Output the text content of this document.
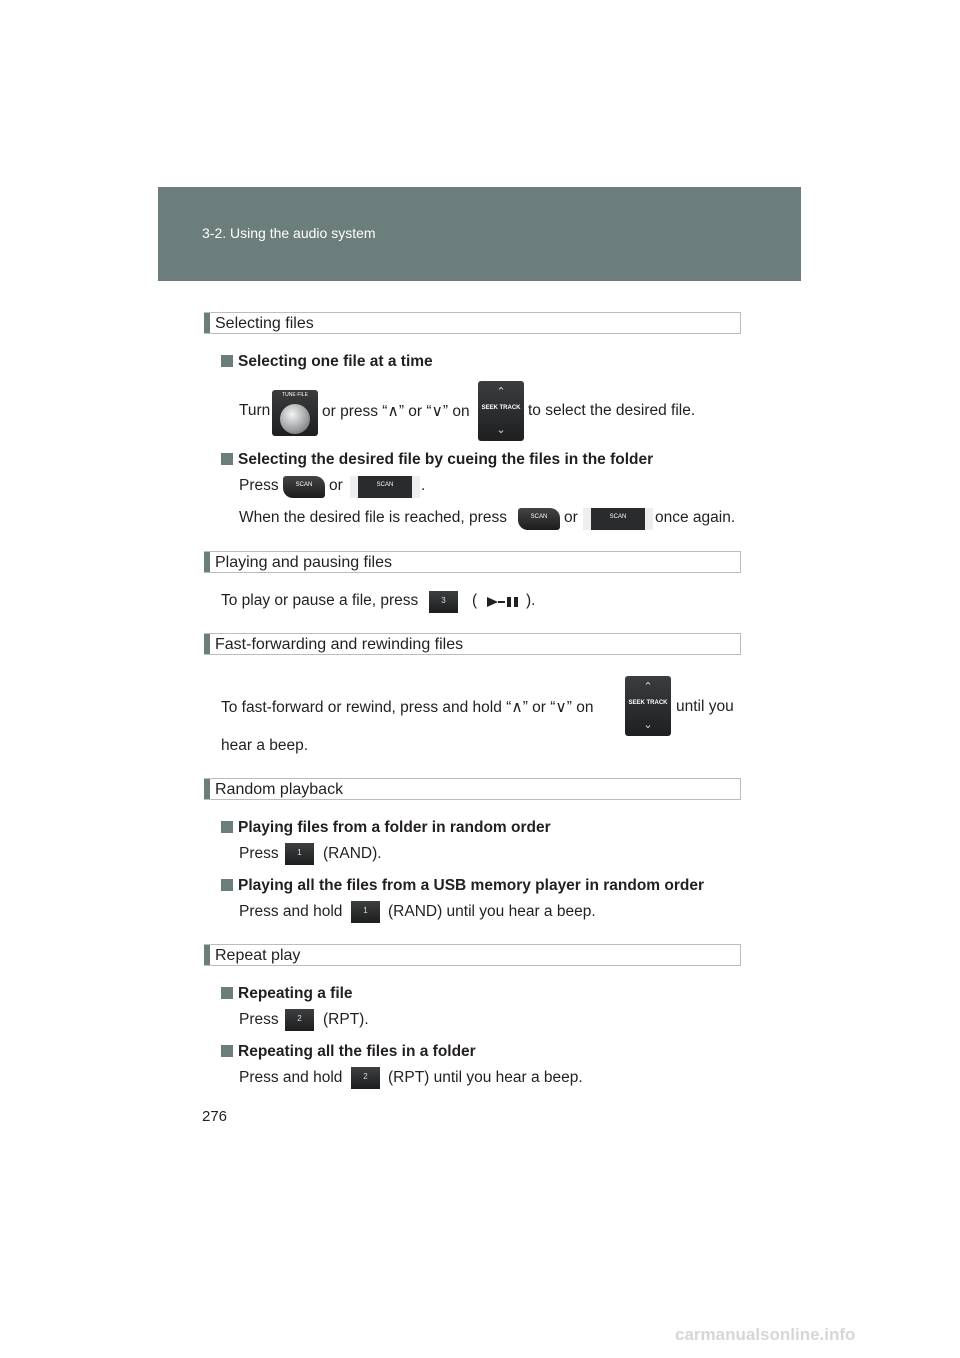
3-2. Using the audio system
Selecting files
Selecting one file at a time
Turn
TUNE·FILE
or press “∧” or “∨” on
⌃
SEEK TRACK
⌄
to select the desired file.
Selecting the desired file by cueing the files in the folder
Press	SCAN	or	SCAN	.
When the desired file is reached, press	SCAN	or	SCAN	once again.
Playing and pausing files
To play or pause a file, press	3	(	).
Fast-forwarding and rewinding files
To fast-forward or rewind, press and hold “∧” or “∨” on
⌃
SEEK TRACK
⌄
until you
hear a beep.
Random playback
Playing files from a folder in random order
Press	1	(RAND).
Playing all the files from a USB memory player in random order
Press and hold	1	(RAND) until you hear a beep.
Repeat play
Repeating a file
Press	2	(RPT).
Repeating all the files in a folder
Press and hold	2	(RPT) until you hear a beep.
276
carmanualsonline.info
